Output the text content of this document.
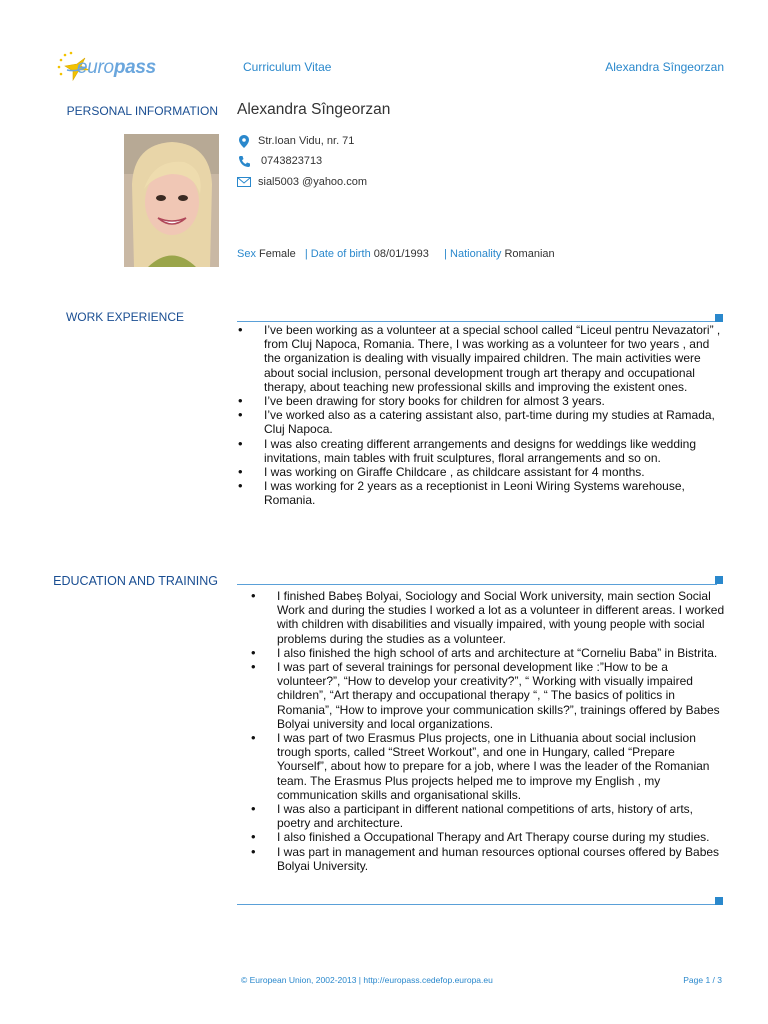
europass	Curriculum Vitae	Alexandra Sîngeorzan
PERSONAL INFORMATION Alexandra Sîngeorzan
Str.Ioan Vidu, nr. 71
0743823713
sial5003 @yahoo.com
Sex Female | Date of birth 08/01/1993 | Nationality Romanian
WORK EXPERIENCE
• I’ve been working as a volunteer at a special school called “Liceul pentru Nevazatori” , from Cluj Napoca, Romania. There, I was working as a volunteer for two years , and the organization is dealing with visually impaired children. The main activities were about social inclusion, personal development trough art therapy and occupational therapy, about teaching new professional skills and improving the existent ones.
• I’ve been drawing for story books for children for almost 3 years.
• I’ve worked also as a catering assistant also, part-time during my studies at Ramada, Cluj Napoca.
• I was also creating different arrangements and designs for weddings like wedding invitations, main tables with fruit sculptures, floral arrangements and so on.
• I was working on Giraffe Childcare , as childcare assistant for 4 months.
• I was working for 2 years as a receptionist in Leoni Wiring Systems warehouse, Romania.
EDUCATION AND TRAINING
• I finished Babeș Bolyai, Sociology and Social Work university, main section Social Work and during the studies I worked a lot as a volunteer in different areas. I worked with children with disabilities and visually impaired, with young people with social problems during the studies as a volunteer.
• I also finished the high school of arts and architecture at “Corneliu Baba” in Bistrita.
• I was part of several trainings for personal development like :”How to be a volunteer?”, “How to develop your creativity?”, “ Working with visually impaired children”, “Art therapy and occupational therapy “, “ The basics of politics in Romania”, “How to improve your communication skills?”, trainings offered by Babes Bolyai university and local organizations.
• I was part of two Erasmus Plus projects, one in Lithuania about social inclusion trough sports, called “Street Workout”, and one in Hungary, called “Prepare Yourself”, about how to prepare for a job, where I was the leader of the Romanian team. The Erasmus Plus projects helped me to improve my English , my communication skills and organisational skills.
• I was also a participant in different national competitions of arts, history of arts, poetry and architecture.
• I also finished a Occupational Therapy and Art Therapy course during my studies.
• I was part in management and human resources optional courses offered by Babes Bolyai University.
© European Union, 2002-2013 | http://europass.cedefop.europa.eu	Page 1 / 3
